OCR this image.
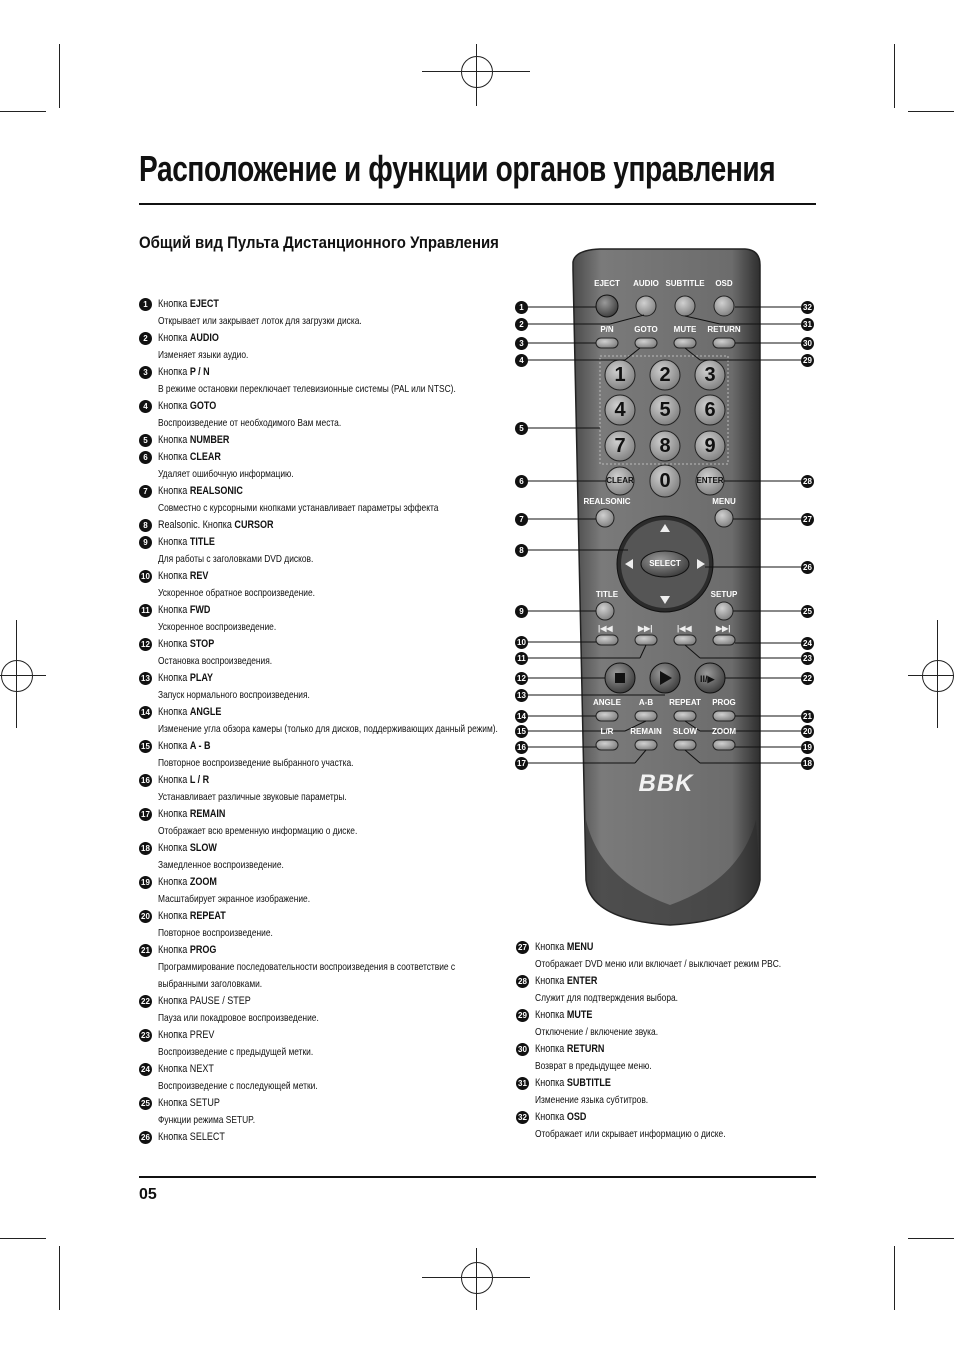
Расположение и функции органов управления
Общий вид Пульта Дистанционного Управления
1 Кнопка EJECT
Открывает или закрывает лоток для загрузки диска.
2 Кнопка AUDIO
Изменяет языки аудио.
3 Кнопка P / N
В режиме остановки переключает телевизионные системы (PAL или NTSC).
4 Кнопка GOTO
Воспроизведение от необходимого Вам места.
5 Кнопка NUMBER
6 Кнопка CLEAR
Удаляет ошибочную информацию.
7 Кнопка REALSONIC
Совместно с курсорными кнопками устанавливает параметры эффекта
8 Realsonic. Кнопка CURSOR
9 Кнопка TITLE
Для работы с заголовками DVD дисков.
10 Кнопка REV
Ускоренное обратное воспроизведение.
11 Кнопка FWD
Ускоренное воспроизведение.
12 Кнопка STOP
Остановка воспроизведения.
13 Кнопка PLAY
Запуск нормального воспроизведения.
14 Кнопка ANGLE
Изменение угла обзора камеры (только для дисков, поддерживающих данный режим).
15 Кнопка A - B
Повторное воспроизведение выбранного участка.
16 Кнопка L / R
Устанавливает различные звуковые параметры.
17 Кнопка REMAIN
Отображает всю временную информацию о диске.
18 Кнопка SLOW
Замедленное воспроизведение.
19 Кнопка ZOOM
Масштабирует экранное изображение.
20 Кнопка REPEAT
Повторное воспроизведение.
21 Кнопка PROG
Программирование последовательности воспроизведения в соответствие с
выбранными заголовками.
22 Кнопка PAUSE / STEP
Пауза или покадровое воспроизведение.
23 Кнопка PREV
Воспроизведение с предыдущей метки.
24 Кнопка NEXT
Воспроизведение с последующей метки.
25 Кнопка SETUP
Функции режима SETUP.
26 Кнопка SELECT
27 Кнопка MENU
Отображает DVD меню или включает / выключает режим PBC.
28 Кнопка ENTER
Служит для подтверждения выбора.
29 Кнопка MUTE
Отключение / включение звука.
30 Кнопка RETURN
Возврат в предыдущее меню.
31 Кнопка SUBTITLE
Изменение языка субтитров.
32 Кнопка OSD
Отображает или скрывает информацию о диске.
|◀◀	▶▶|	|◀◀	▶▶|
II/▶
EJECT AUDIO SUBTITLE OSD
P/N	GOTO MUTE RETURN
1 2 3
4 5 6
7 8 9
0
CLEAR	ENTER
REALSONIC	MENU
SELECT
TITLE	SETUP
ANGLE A-B REPEAT PROG
L/R REMAIN SLOW ZOOM
BBK
1
2
3
4
5
6
7
8
9
10
11
12
13
14
15
16
17
32
31
30
29
28
27
26
25
24
23
22
21
20
19
18
05
